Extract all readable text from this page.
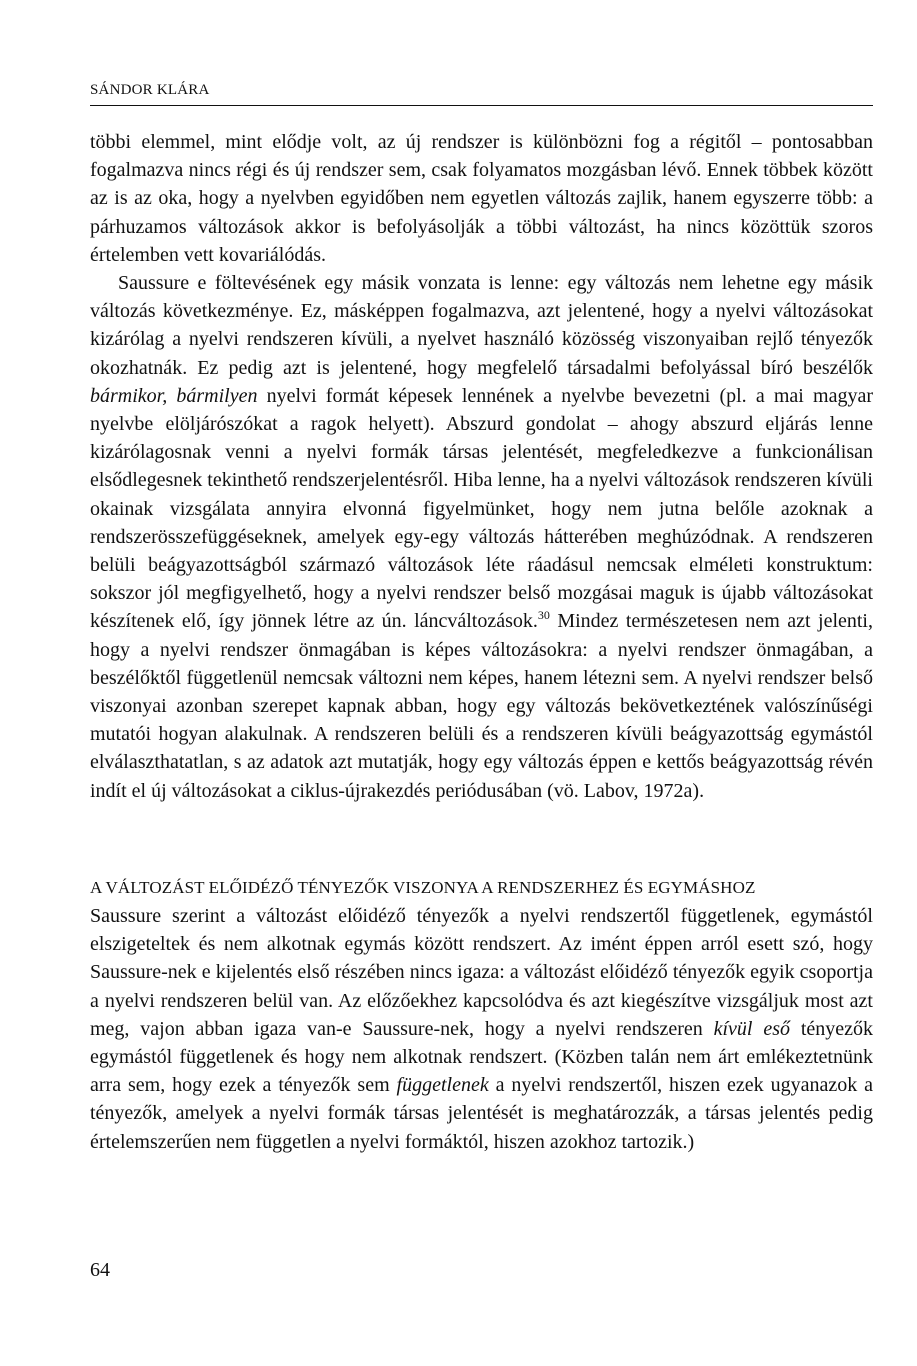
SÁNDOR KLÁRA

többi elemmel, mint elődje volt, az új rendszer is különbözni fog a régitől – pontosabban fogalmazva nincs régi és új rendszer sem, csak folyamatos mozgásban lévő. Ennek többek között az is az oka, hogy a nyelvben egyidőben nem egyetlen változás zajlik, hanem egyszerre több: a párhuzamos változások akkor is befolyásolják a többi változást, ha nincs közöttük szoros értelemben vett kovariálódás.

Saussure e föltevésének egy másik vonzata is lenne: egy változás nem lehetne egy másik változás következménye. Ez, másképpen fogalmazva, azt jelentené, hogy a nyelvi változásokat kizárólag a nyelvi rendszeren kívüli, a nyelvet használó közösség viszonyaiban rejlő tényezők okozhatnák. Ez pedig azt is jelentené, hogy megfelelő társadalmi befolyással bíró beszélők bármikor, bármilyen nyelvi formát képesek lennének a nyelvbe bevezetni (pl. a mai magyar nyelvbe elöljárószókat a ragok helyett). Abszurd gondolat – ahogy abszurd eljárás lenne kizárólagosnak venni a nyelvi formák társas jelentését, megfeledkezve a funkcionálisan elsődlegesnek tekinthető rendszerjelentésről. Hiba lenne, ha a nyelvi változások rendszeren kívüli okainak vizsgálata annyira elvonná figyelmünket, hogy nem jutna belőle azoknak a rendszerösszefüggéseknek, amelyek egy-egy változás hátterében meghúzódnak. A rendszeren belüli beágyazottságból származó változások léte ráadásul nemcsak elméleti konstruktum: sokszor jól megfigyelhető, hogy a nyelvi rendszer belső mozgásai maguk is újabb változásokat készítenek elő, így jönnek létre az ún. láncváltozások.$^{30}$ Mindez természetesen nem azt jelenti, hogy a nyelvi rendszer önmagában is képes változásokra: a nyelvi rendszer önmagában, a beszélőktől függetlenül nemcsak változni nem képes, hanem létezni sem. A nyelvi rendszer belső viszonyai azonban szerepet kapnak abban, hogy egy változás bekövetkeztének valószínűségi mutatói hogyan alakulnak. A rendszeren belüli és a rendszeren kívüli beágyazottság egymástól elválaszthatatlan, s az adatok azt mutatják, hogy egy változás éppen e kettős beágyazottság révén indít el új változásokat a ciklus-újrakezdés periódusában (vö. Labov, 1972a).

A VÁLTOZÁST ELŐIDÉZŐ TÉNYEZŐK VISZONYA A RENDSZERHEZ ÉS EGYMÁSHOZ

Saussure szerint a változást előidéző tényezők a nyelvi rendszertől függetlenek, egymástól elszigeteltek és nem alkotnak egymás között rendszert. Az imént éppen arról esett szó, hogy Saussure-nek e kijelentés első részében nincs igaza: a változást előidéző tényezők egyik csoportja a nyelvi rendszeren belül van. Az előzőekhez kapcsolódva és azt kiegészítve vizsgáljuk most azt meg, vajon abban igaza van-e Saussure-nek, hogy a nyelvi rendszeren kívül eső tényezők egymástól függetlenek és hogy nem alkotnak rendszert. (Közben talán nem árt emlékeztetnünk arra sem, hogy ezek a tényezők sem függetlenek a nyelvi rendszertől, hiszen ezek ugyanazok a tényezők, amelyek a nyelvi formák társas jelentését is meghatározzák, a társas jelentés pedig értelemszerűen nem független a nyelvi formáktól, hiszen azokhoz tartozik.)

64
